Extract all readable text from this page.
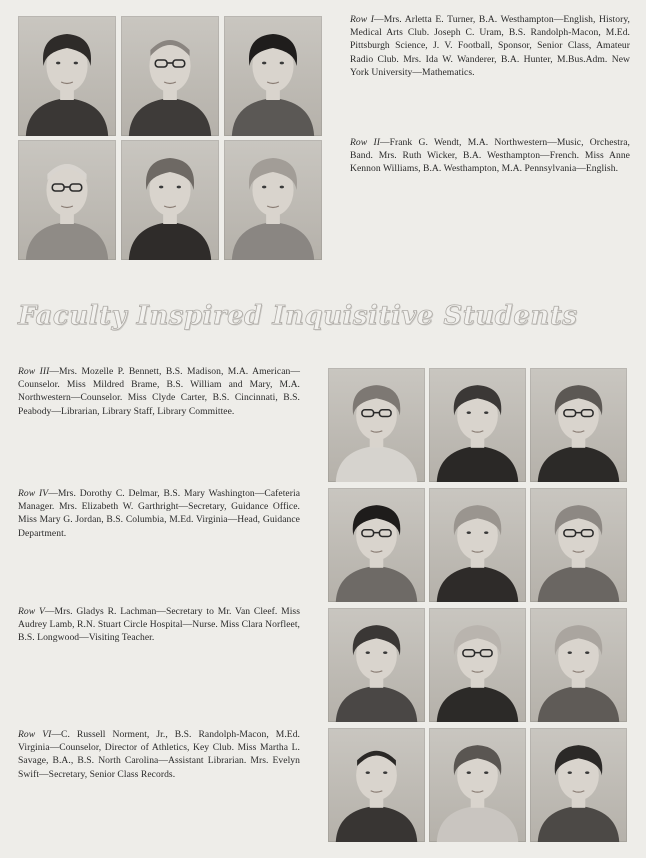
Row I—Mrs. Arletta E. Turner, B.A. Westhampton—English, History, Medical Arts Club. Joseph C. Uram, B.S. Randolph-Macon, M.Ed. Pittsburgh Science, J. V. Football, Sponsor, Senior Class, Amateur Radio Club. Mrs. Ida W. Wanderer, B.A. Hunter, M.Bus.Adm. New York University—Mathematics.
Row II—Frank G. Wendt, M.A. Northwestern—Music, Orchestra, Band. Mrs. Ruth Wicker, B.A. Westhampton—French. Miss Anne Kennon Williams, B.A. Westhampton, M.A. Pennsylvania—English.
Faculty Inspired Inquisitive Students
Row III—Mrs. Mozelle P. Bennett, B.S. Madison, M.A. American—Counselor. Miss Mildred Brame, B.S. William and Mary, M.A. Northwestern—Counselor. Miss Clyde Carter, B.S. Cincinnati, B.S. Peabody—Librarian, Library Staff, Library Committee.
Row IV—Mrs. Dorothy C. Delmar, B.S. Mary Washington—Cafeteria Manager. Mrs. Elizabeth W. Garthright—Secretary, Guidance Office. Miss Mary G. Jordan, B.S. Columbia, M.Ed. Virginia—Head, Guidance Department.
Row V—Mrs. Gladys R. Lachman—Secretary to Mr. Van Cleef. Miss Audrey Lamb, R.N. Stuart Circle Hospital—Nurse. Miss Clara Norfleet, B.S. Longwood—Visiting Teacher.
Row VI—C. Russell Norment, Jr., B.S. Randolph-Macon, M.Ed. Virginia—Counselor, Director of Athletics, Key Club. Miss Martha L. Savage, B.A., B.S. North Carolina—Assistant Librarian. Mrs. Evelyn Swift—Secretary, Senior Class Records.
